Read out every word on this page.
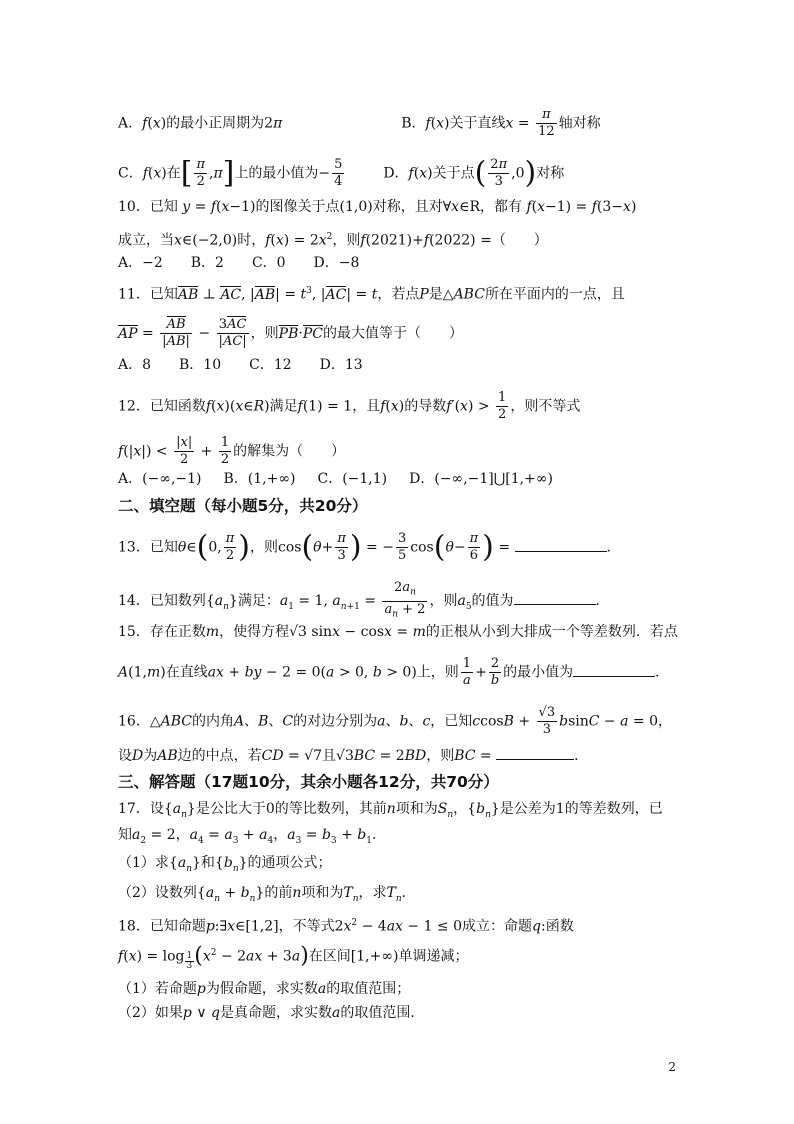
A．f(x)的最小正周期为2π	B．f(x)关于直线$x = \frac{\pi}{12}$ 轴对称
C．f(x)在[ $\frac{\pi}{2} ,\pi$]上的最小值为− $\frac{5}{4}$	D．f(x)关于点( $\frac{2\pi}{3} ,0$)对称
10．已知 y = f(x−1)的图像关于点(1,0)对称，且对∀x∈R，都有 f(x−1) = f(3−x)
成立，当x∈(−2,0)时，$f(x) = 2x^2$，则f(2021)+f(2022) =（　　）
A．−2　　B．2　　C．0　　D．−8
11．已知AB ⊥ AC, $|AB| = t^3$, |AC| = t，若点P是△ABC所在平面内的一点，且
AP = $\frac{AB}{|AB|} - \frac{3AC}{|AC|}$ ，则PB·PC的最大值等于（　　）
A．8　　B．10　　C．12　　D．13
12．已知函数f(x)(x∈R)满足f(1) = 1，且f(x)的导数$f'(x) > \frac{1}{2}$ ，则不等式
$f(|x|) < \frac{|x|}{2} + \frac{1}{2}$ 的解集为（　　）
A．(−∞,−1) B．(1,+∞) C．(−1,1) D．(−∞,−1]⋃[1,+∞)
二、填空题（每小题5分，共20分）
13．已知θ∈(0, $\frac{\pi}{2}$ )，则$\cos(\theta+ \frac{\pi}{3}$ ) = − $\frac{3}{5} \cos(\theta- \frac{\pi}{6}$ ) =	．
14．已知数列$\{a_n\}$满足：$a_1 = 1$, $a_{n+1} = \frac{2a_n}{a_n + 2}$ ，则$a_5$的值为	．
15．存在正数m，使得方程√3 sinx − cosx = m的正根从小到大排成一个等差数列．若点
A(1,m)在直线ax + by − 2 = 0(a > 0, b > 0)上，则 $\frac{1}{a} + \frac{2}{b}$ 的最小值为	．
16．△ABC的内角A、B、C的对边分别为a、b、c，已知$ccosB + \frac{√3}{3}$ bsinC − a = 0，
设D为AB边的中点，若CD = √7且√3BC = 2BD，则BC =	．
三、解答题（17题10分，其余小题各12分，共70分）
17．设$\{a_n\}$是公比大于0的等比数列，其前n项和为$S_n$，$\{b_n\}$是公差为1的等差数列，已
知$a_2 = 2$，$a_4 = a_3 + a_4$，$a_3 = b_3 + b_1$．
（1）求$\{a_n\}$和$\{b_n\}$的通项公式；
（2）设数列$\{a_n + b_n\}$的前n项和为$T_n$，求$T_n$．
18．已知命题p:∃x∈[1,2]，不等式$2x^2 - 4ax - 1 \le 0$成立：命题q:函数
f(x) = log $_{\frac{1}{3}}$ $(x^2 - 2ax + 3a)$在区间[1,+∞)单调递减；
（1）若命题p为假命题，求实数a的取值范围；
（2）如果p ∨ q是真命题，求实数a的取值范围．
2
